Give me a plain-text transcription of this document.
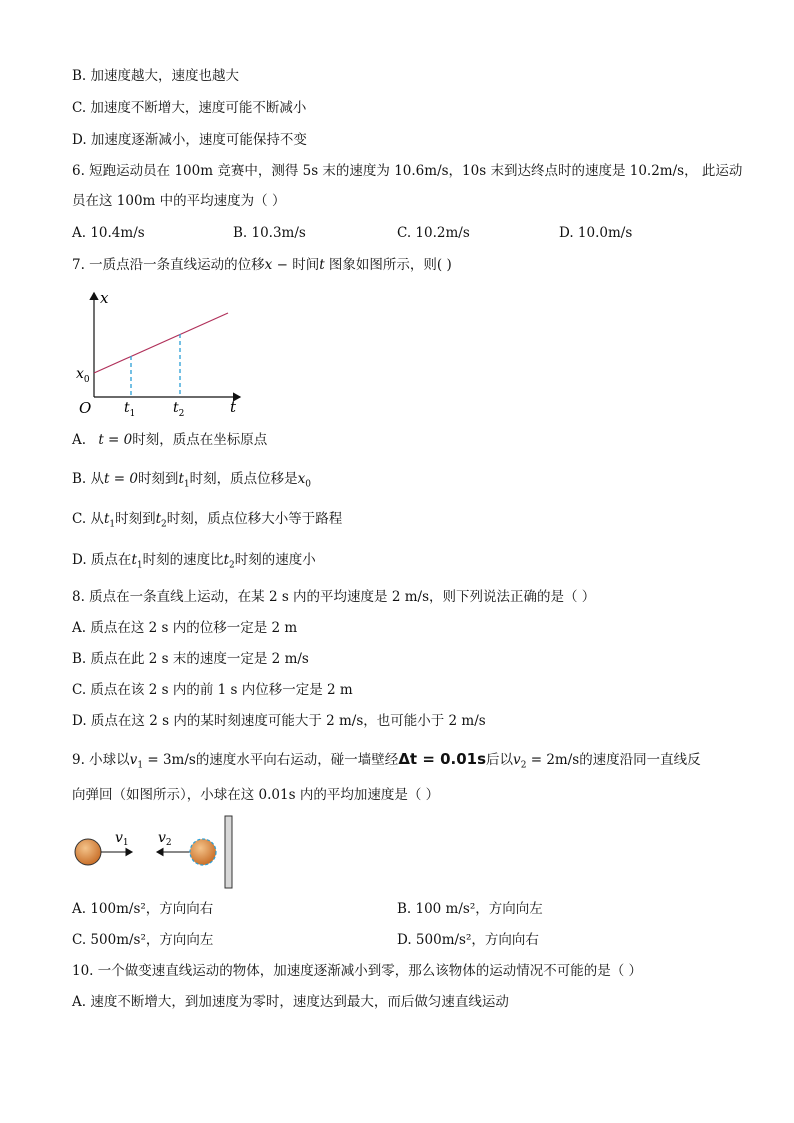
B. 加速度越大，速度也越大
C. 加速度不断增大，速度可能不断减小
D. 加速度逐渐减小，速度可能保持不变
6. 短跑运动员在 100m 竞赛中，测得 5s 末的速度为 10.6m/s，10s 末到达终点时的速度是 10.2m/s， 此运动
员在这 100m 中的平均速度为（ ）
A. 10.4m/s	B. 10.3m/s	C. 10.2m/s	D. 10.0m/s
7. 一质点沿一条直线运动的位移x − 时间t 图象如图所示，则( )
x
t
O
$x_0$
$t_1$	$t_2$
A. t = 0时刻，质点在坐标原点
B. 从t = 0时刻到$t_1$时刻，质点位移是$x_0$
C. 从$t_1$时刻到$t_2$时刻，质点位移大小等于路程
D. 质点在$t_1$时刻的速度比$t_2$时刻的速度小
8. 质点在一条直线上运动，在某 2 s 内的平均速度是 2 m/s，则下列说法正确的是（ ）
A. 质点在这 2 s 内的位移一定是 2 m
B. 质点在此 2 s 末的速度一定是 2 m/s
C. 质点在该 2 s 内的前 1 s 内位移一定是 2 m
D. 质点在这 2 s 内的某时刻速度可能大于 2 m/s，也可能小于 2 m/s
9. 小球以$v_1 = 3m/s$的速度水平向右运动，碰一墙壁经Δt = 0.01s后以$v_2 = 2m/s$的速度沿同一直线反
向弹回（如图所示），小球在这 0.01s 内的平均加速度是（ ）
$v_1$ $v_2$
A. 100m/s²，方向向右	B. 100 m/s²，方向向左
C. 500m/s²，方向向左	D. 500m/s²，方向向右
10. 一个做变速直线运动的物体，加速度逐渐减小到零，那么该物体的运动情况不可能的是（ ）
A. 速度不断增大，到加速度为零时，速度达到最大，而后做匀速直线运动
